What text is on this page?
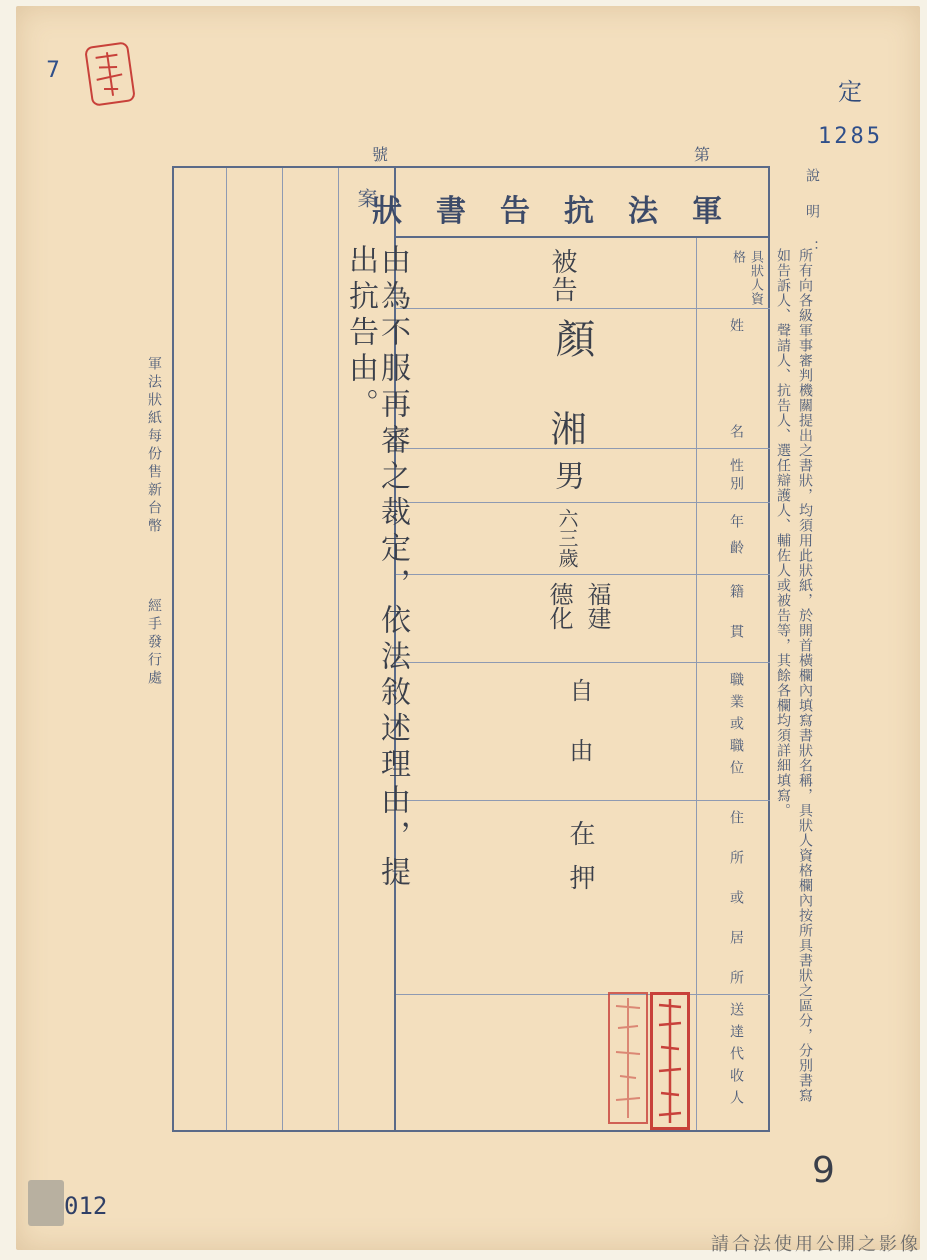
7
定
1285
號	第
軍法抗告書狀
具狀人資格
姓
名
性別
年齡
籍貫
職業或職位
住所或居所
送達代收人
被告
顏
湘
男
六三歲
福建德化
自由
在押
案
由為不服再審之裁定，依法敘述理由，提出抗告由。
軍法狀紙每份售新台幣
經手發行處
說明：
所有向各級軍事審判機關提出之書狀，均須用此狀紙，於開首橫欄內填寫書狀名稱，具狀人資格欄內按所具書狀之區分，分別書寫如告訴人、聲請人、抗告人、選任辯護人、輔佐人或被告等，其餘各欄均須詳細填寫。
012
9
請合法使用公開之影像
